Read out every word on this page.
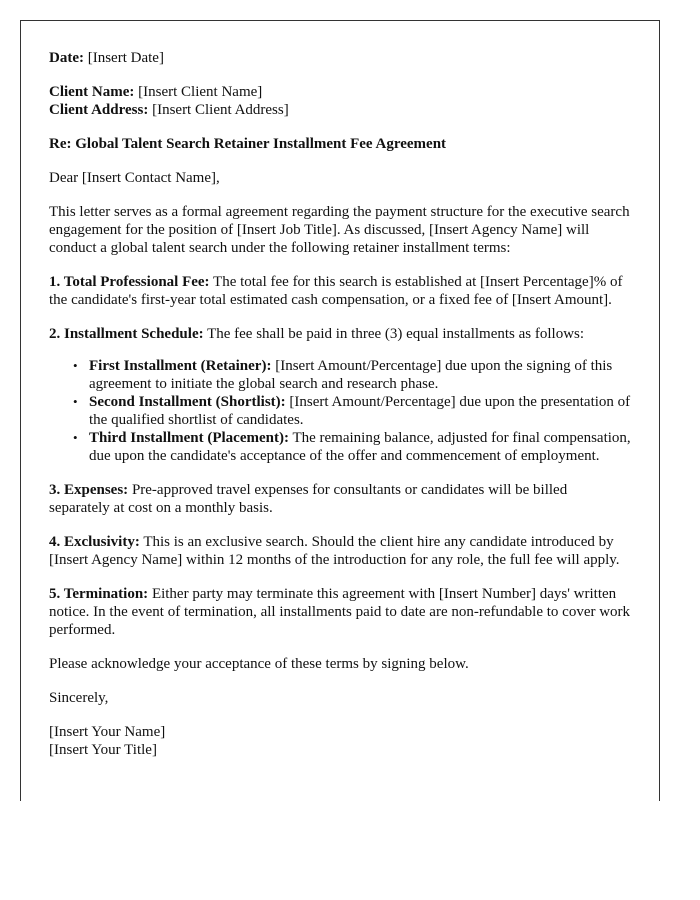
Date: [Insert Date]

Client Name: [Insert Client Name]
Client Address: [Insert Client Address]

Re: Global Talent Search Retainer Installment Fee Agreement

Dear [Insert Contact Name],

This letter serves as a formal agreement regarding the payment structure for the executive search engagement for the position of [Insert Job Title]. As discussed, [Insert Agency Name] will conduct a global talent search under the following retainer installment terms:

1. Total Professional Fee: The total fee for this search is established at [Insert Percentage]% of the candidate's first-year total estimated cash compensation, or a fixed fee of [Insert Amount].

2. Installment Schedule: The fee shall be paid in three (3) equal installments as follows:

• First Installment (Retainer): [Insert Amount/Percentage] due upon the signing of this agreement to initiate the global search and research phase.
• Second Installment (Shortlist): [Insert Amount/Percentage] due upon the presentation of the qualified shortlist of candidates.
• Third Installment (Placement): The remaining balance, adjusted for final compensation, due upon the candidate's acceptance of the offer and commencement of employment.

3. Expenses: Pre-approved travel expenses for consultants or candidates will be billed separately at cost on a monthly basis.

4. Exclusivity: This is an exclusive search. Should the client hire any candidate introduced by [Insert Agency Name] within 12 months of the introduction for any role, the full fee will apply.

5. Termination: Either party may terminate this agreement with [Insert Number] days' written notice. In the event of termination, all installments paid to date are non-refundable to cover work performed.

Please acknowledge your acceptance of these terms by signing below.

Sincerely,

[Insert Your Name]

[Insert Your Title]
